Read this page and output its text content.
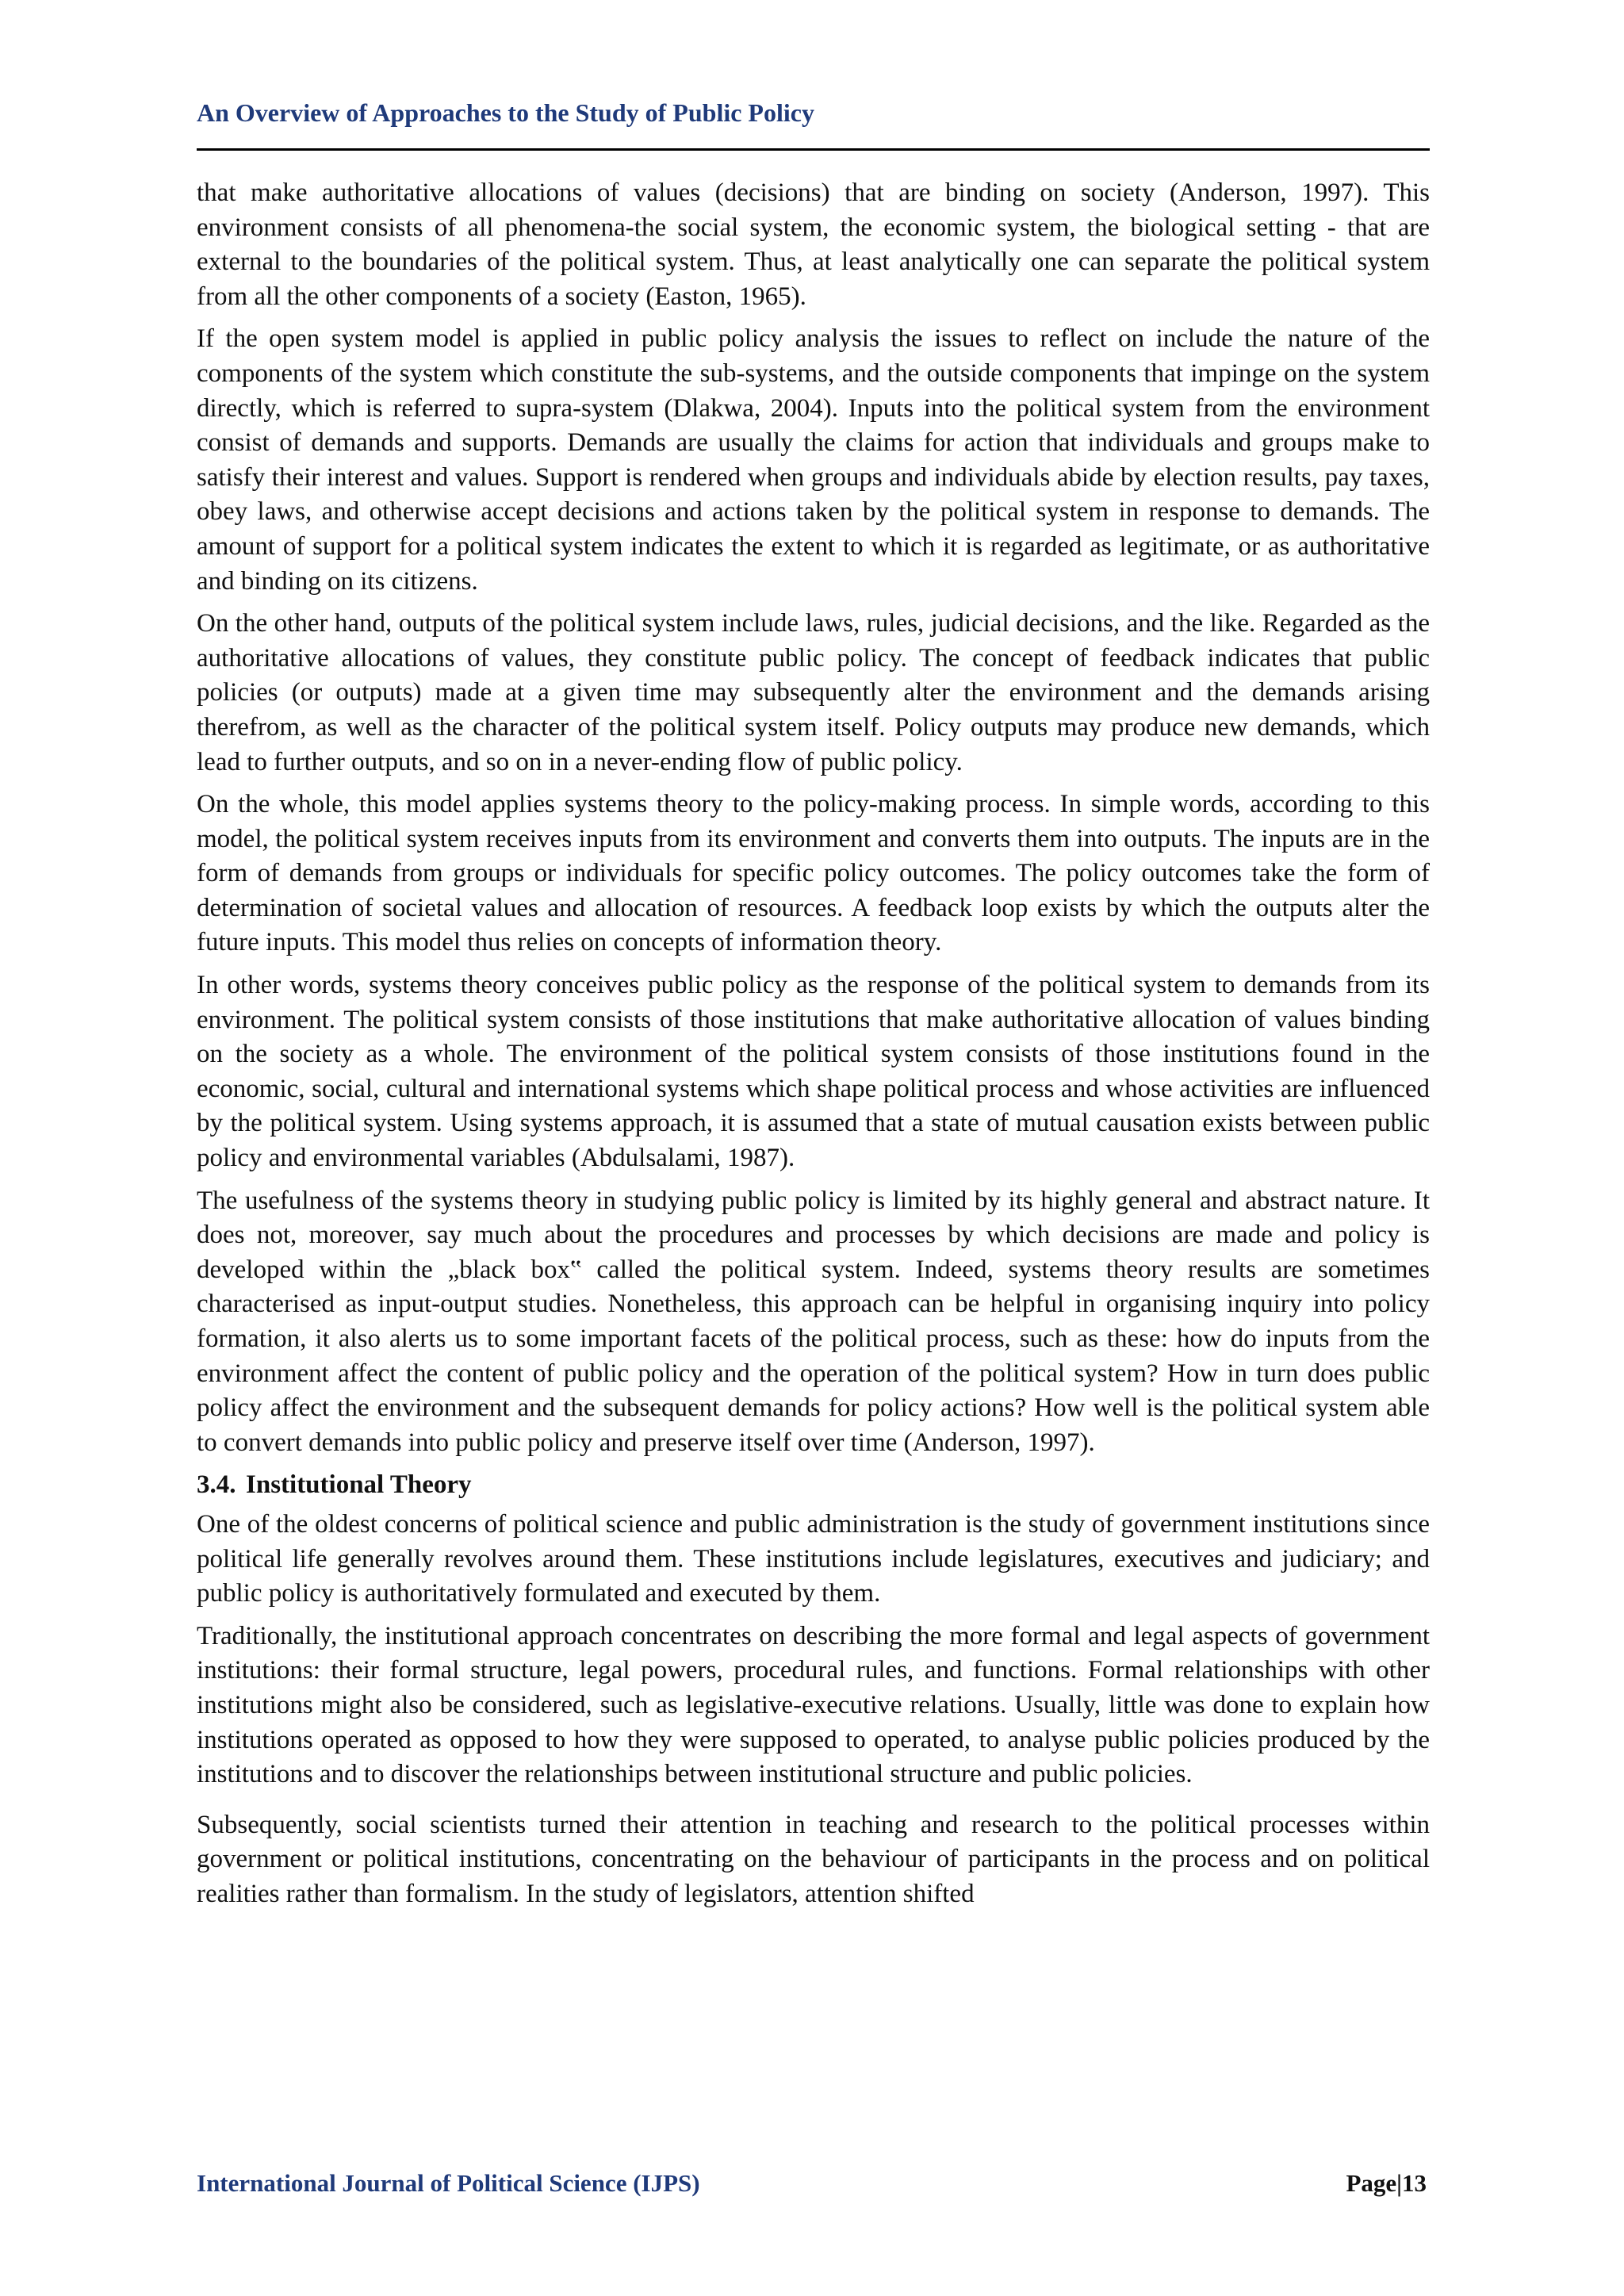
An Overview of Approaches to the Study of Public Policy

that make authoritative allocations of values (decisions) that are binding on society (Anderson, 1997). This environment consists of all phenomena-the social system, the economic system, the biological setting - that are external to the boundaries of the political system. Thus, at least analytically one can separate the political system from all the other components of a society (Easton, 1965).

If the open system model is applied in public policy analysis the issues to reflect on include the nature of the components of the system which constitute the sub-systems, and the outside components that impinge on the system directly, which is referred to supra-system (Dlakwa, 2004). Inputs into the political system from the environment consist of demands and supports. Demands are usually the claims for action that individuals and groups make to satisfy their interest and values. Support is rendered when groups and individuals abide by election results, pay taxes, obey laws, and otherwise accept decisions and actions taken by the political system in response to demands. The amount of support for a political system indicates the extent to which it is regarded as legitimate, or as authoritative and binding on its citizens.

On the other hand, outputs of the political system include laws, rules, judicial decisions, and the like. Regarded as the authoritative allocations of values, they constitute public policy. The concept of feedback indicates that public policies (or outputs) made at a given time may subsequently alter the environment and the demands arising therefrom, as well as the character of the political system itself. Policy outputs may produce new demands, which lead to further outputs, and so on in a never-ending flow of public policy.

On the whole, this model applies systems theory to the policy-making process. In simple words, according to this model, the political system receives inputs from its environment and converts them into outputs. The inputs are in the form of demands from groups or individuals for specific policy outcomes. The policy outcomes take the form of determination of societal values and allocation of resources. A feedback loop exists by which the outputs alter the future inputs. This model thus relies on concepts of information theory.

In other words, systems theory conceives public policy as the response of the political system to demands from its environment. The political system consists of those institutions that make authoritative allocation of values binding on the society as a whole. The environment of the political system consists of those institutions found in the economic, social, cultural and international systems which shape political process and whose activities are influenced by the political system. Using systems approach, it is assumed that a state of mutual causation exists between public policy and environmental variables (Abdulsalami, 1987).

The usefulness of the systems theory in studying public policy is limited by its highly general and abstract nature. It does not, moreover, say much about the procedures and processes by which decisions are made and policy is developed within the „black box‟ called the political system. Indeed, systems theory results are sometimes characterised as input-output studies. Nonetheless, this approach can be helpful in organising inquiry into policy formation, it also alerts us to some important facets of the political process, such as these: how do inputs from the environment affect the content of public policy and the operation of the political system? How in turn does public policy affect the environment and the subsequent demands for policy actions? How well is the political system able to convert demands into public policy and preserve itself over time (Anderson, 1997).

3.4. Institutional Theory

One of the oldest concerns of political science and public administration is the study of government institutions since political life generally revolves around them. These institutions include legislatures, executives and judiciary; and public policy is authoritatively formulated and executed by them.

Traditionally, the institutional approach concentrates on describing the more formal and legal aspects of government institutions: their formal structure, legal powers, procedural rules, and functions. Formal relationships with other institutions might also be considered, such as legislative-executive relations. Usually, little was done to explain how institutions operated as opposed to how they were supposed to operated, to analyse public policies produced by the institutions and to discover the relationships between institutional structure and public policies.

Subsequently, social scientists turned their attention in teaching and research to the political processes within government or political institutions, concentrating on the behaviour of participants in the process and on political realities rather than formalism. In the study of legislators, attention shifted

International Journal of Political Science (IJPS)	Page|13
